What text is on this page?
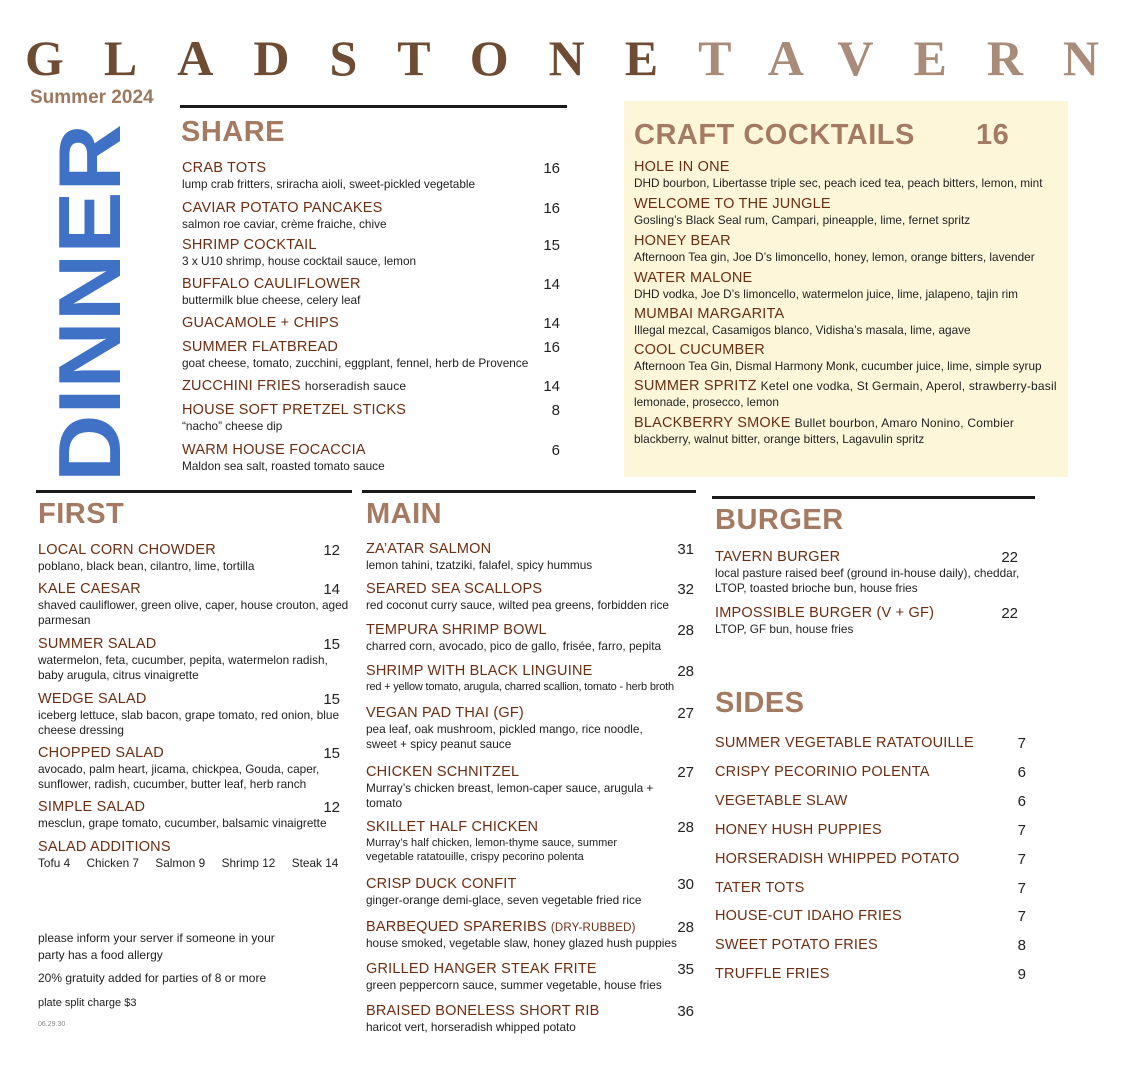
GLADSTONETAVERN
Summer 2024
DINNER
SHARE	CRAFT COCKTAILS 16
FIRST	MAIN	BURGER
SIDES
CRAB TOTS
lump crab fritters, sriracha aioli, sweet-pickled vegetable
16
CAVIAR POTATO PANCAKES
salmon roe caviar, crème fraiche, chive
16
SHRIMP COCKTAIL
3 x U10 shrimp, house cocktail sauce, lemon
15
BUFFALO CAULIFLOWER
buttermilk blue cheese, celery leaf
14
GUACAMOLE + CHIPS	14
SUMMER FLATBREAD
goat cheese, tomato, zucchini, eggplant, fennel, herb de Provence
16
ZUCCHINI FRIES horseradish sauce	14
HOUSE SOFT PRETZEL STICKS
“nacho” cheese dip
8
WARM HOUSE FOCACCIA
Maldon sea salt, roasted tomato sauce
6
HOLE IN ONE
DHD bourbon, Libertasse triple sec, peach iced tea, peach bitters, lemon, mint
WELCOME TO THE JUNGLE
Gosling’s Black Seal rum, Campari, pineapple, lime, fernet spritz
HONEY BEAR
Afternoon Tea gin, Joe D’s limoncello, honey, lemon, orange bitters, lavender
WATER MALONE
DHD vodka, Joe D’s limoncello, watermelon juice, lime, jalapeno, tajin rim
MUMBAI MARGARITA
Illegal mezcal, Casamigos blanco, Vidisha’s masala, lime, agave
COOL CUCUMBER
Afternoon Tea Gin, Dismal Harmony Monk, cucumber juice, lime, simple syrup
SUMMER SPRITZ Ketel one vodka, St Germain, Aperol, strawberry-basil
lemonade, prosecco, lemon
BLACKBERRY SMOKE Bullet bourbon, Amaro Nonino, Combier
blackberry, walnut bitter, orange bitters, Lagavulin spritz
LOCAL CORN CHOWDER
poblano, black bean, cilantro, lime, tortilla
12
KALE CAESAR
shaved cauliflower, green olive, caper, house crouton, aged parmesan
14
SUMMER SALAD
watermelon, feta, cucumber, pepita, watermelon radish, baby arugula, citrus vinaigrette
15
WEDGE SALAD
iceberg lettuce, slab bacon, grape tomato, red onion, blue cheese dressing
15
CHOPPED SALAD
avocado, palm heart, jicama, chickpea, Gouda, caper, sunflower, radish, cucumber, butter leaf, herb ranch
15
SIMPLE SALAD
mesclun, grape tomato, cucumber, balsamic vinaigrette
12
SALAD ADDITIONS
Tofu 4     Chicken 7     Salmon 9     Shrimp 12     Steak 14
please inform your server if someone in your party has a food allergy
20% gratuity added for parties of 8 or more
plate split charge $3
06.29.30
ZA’ATAR SALMON
lemon tahini, tzatziki, falafel, spicy hummus
31
SEARED SEA SCALLOPS
red coconut curry sauce, wilted pea greens, forbidden rice
32
TEMPURA SHRIMP BOWL
charred corn, avocado, pico de gallo, frisée, farro, pepita
28
SHRIMP WITH BLACK LINGUINE
red + yellow tomato, arugula, charred scallion, tomato - herb broth
28
VEGAN PAD THAI (GF)
pea leaf, oak mushroom, pickled mango, rice noodle, sweet + spicy peanut sauce
27
CHICKEN SCHNITZEL
Murray’s chicken breast, lemon-caper sauce, arugula + tomato
27
SKILLET HALF CHICKEN
Murray’s half chicken, lemon-thyme sauce, summer vegetable ratatouille, crispy pecorino polenta
28
CRISP DUCK CONFIT
ginger-orange demi-glace, seven vegetable fried rice
30
BARBEQUED SPARERIBS (DRY-RUBBED)
house smoked, vegetable slaw, honey glazed hush puppies
28
GRILLED HANGER STEAK FRITE
green peppercorn sauce, summer vegetable, house fries
35
BRAISED BONELESS SHORT RIB
haricot vert, horseradish whipped potato
36
TAVERN BURGER
local pasture raised beef (ground in-house daily), cheddar, LTOP, toasted brioche bun, house fries
22
IMPOSSIBLE BURGER (V + GF)
LTOP, GF bun, house fries
22
SUMMER VEGETABLE RATATOUILLE	7
CRISPY PECORINIO POLENTA	6
VEGETABLE SLAW	6
HONEY HUSH PUPPIES	7
HORSERADISH WHIPPED POTATO	7
TATER TOTS	7
HOUSE-CUT IDAHO FRIES	7
SWEET POTATO FRIES	8
TRUFFLE FRIES	9
